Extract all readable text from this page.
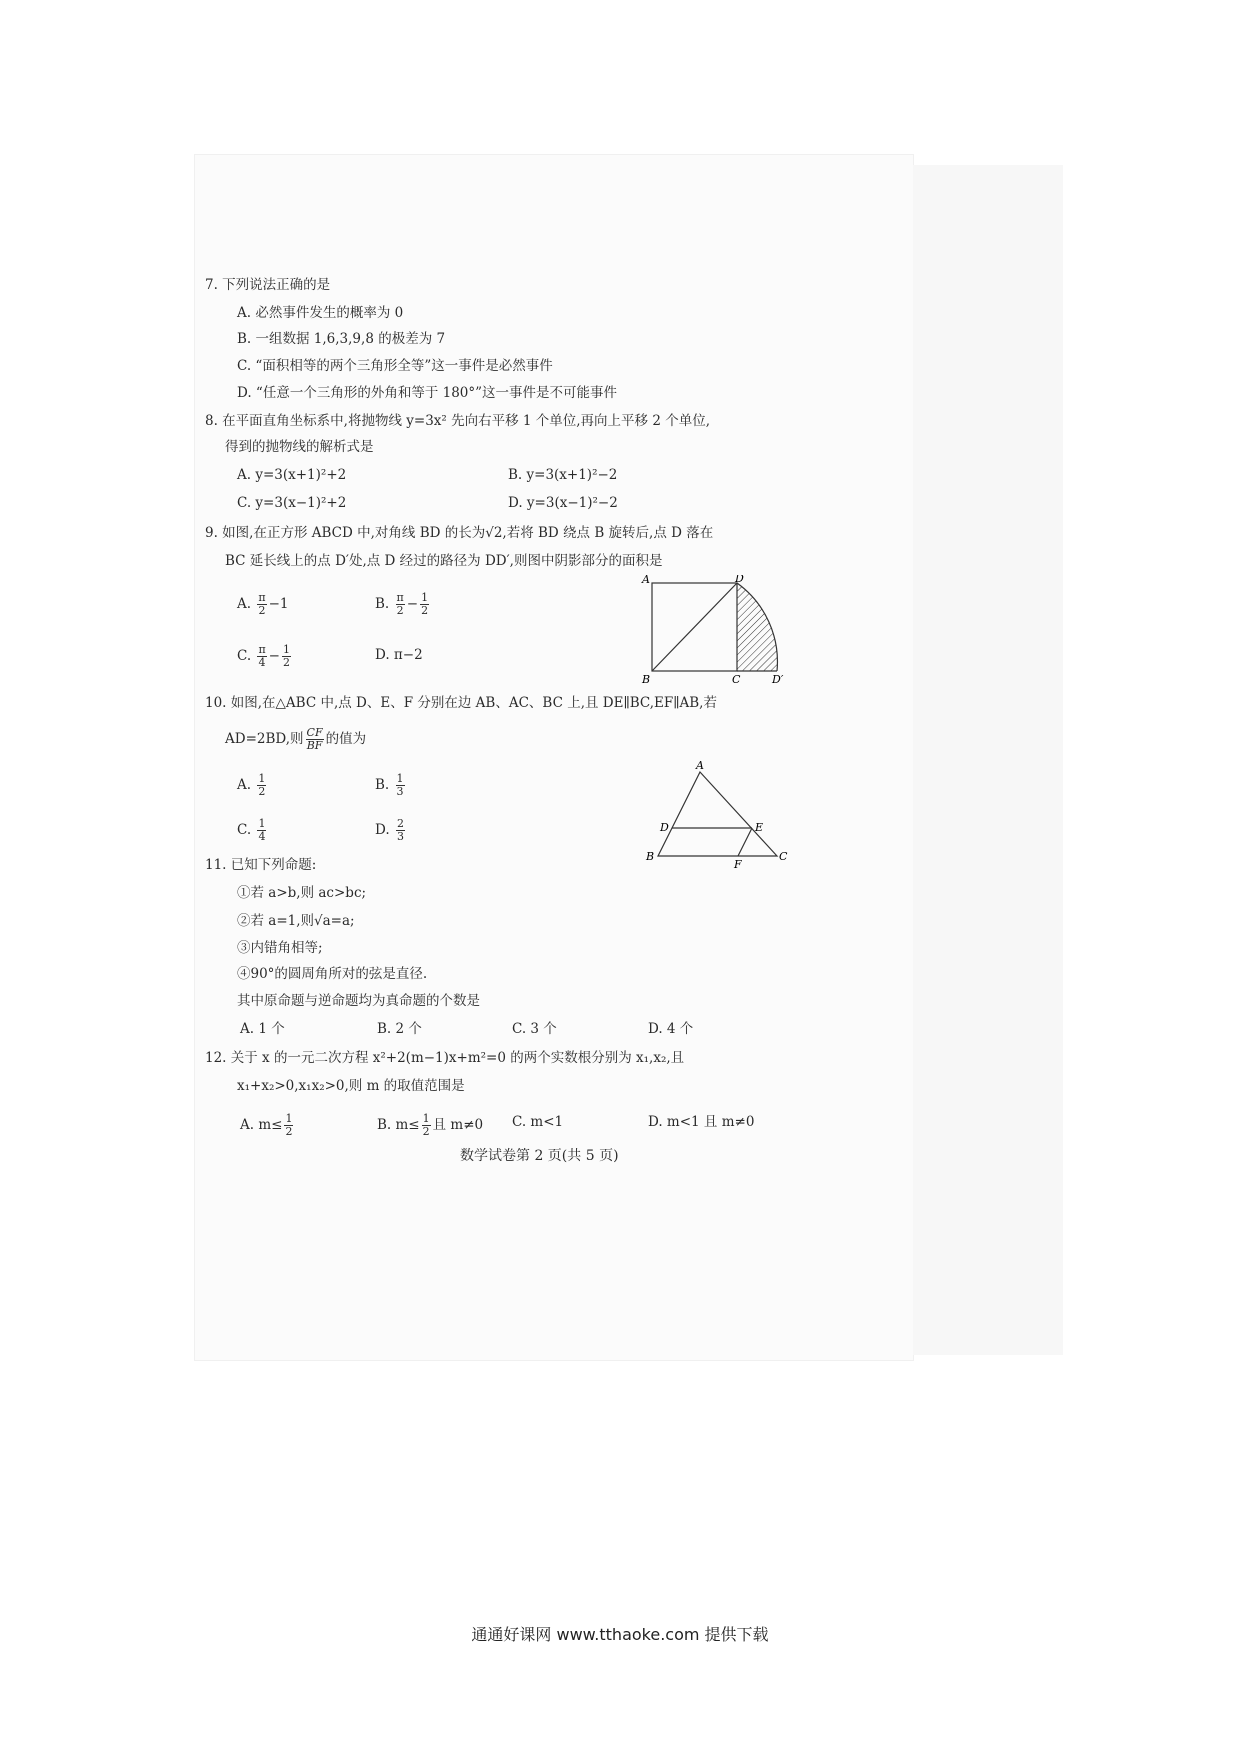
7. 下列说法正确的是
A. 必然事件发生的概率为 0
B. 一组数据 1,6,3,9,8 的极差为 7
C. “面积相等的两个三角形全等”这一事件是必然事件
D. “任意一个三角形的外角和等于 180°”这一事件是不可能事件
8. 在平面直角坐标系中,将抛物线 y=3x² 先向右平移 1 个单位,再向上平移 2 个单位,
得到的抛物线的解析式是
A. y=3(x+1)²+2	B. y=3(x+1)²−2
C. y=3(x−1)²+2	D. y=3(x−1)²−2
9. 如图,在正方形 ABCD 中,对角线 BD 的长为√2,若将 BD 绕点 B 旋转后,点 D 落在
BC 延长线上的点 D′处,点 D 经过的路径为 DD′,则图中阴影部分的面积是
A. $\frac{\pi}{2} -1$	B. $\frac{\pi}{2} - \frac{1}{2}$
C. $\frac{\pi}{4} - \frac{1}{2}$	D. π−2
A	D
B	C	D′
10. 如图,在△ABC 中,点 D、E、F 分别在边 AB、AC、BC 上,且 DE∥BC,EF∥AB,若
AD=2BD,则 $\frac{CF}{BF}$ 的值为
A. $\frac{1}{2}$	B. $\frac{1}{3}$
C. $\frac{1}{4}$	D. $\frac{2}{3}$
A
B	C
D	E
F
11. 已知下列命题:
①若 a>b,则 ac>bc;
②若 a=1,则√a=a;
③内错角相等;
④90°的圆周角所对的弦是直径.
其中原命题与逆命题均为真命题的个数是
A. 1 个	B. 2 个	C. 3 个	D. 4 个
12. 关于 x 的一元二次方程 x²+2(m−1)x+m²=0 的两个实数根分别为 x₁,x₂,且
x₁+x₂>0,x₁x₂>0,则 m 的取值范围是
A. $m\le \frac{1}{2}$	B. $m\le \frac{1}{2}$ 且 m≠0 C. m<1	D. m<1 且 m≠0
数学试卷第 2 页(共 5 页)
通通好课网 www.tthaoke.com 提供下载
